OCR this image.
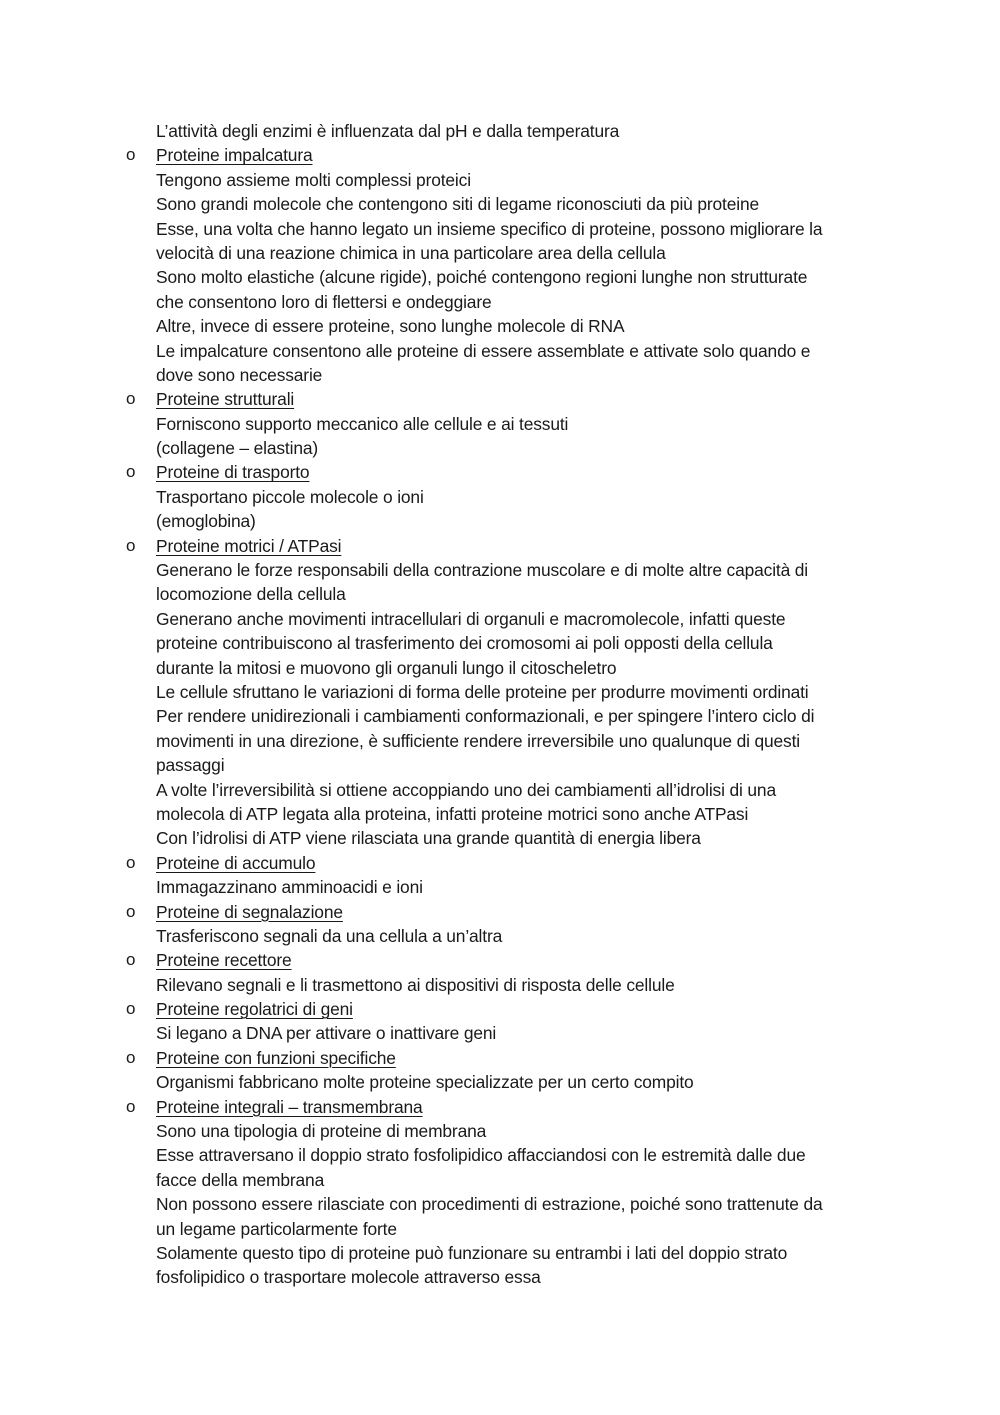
L’attività degli enzimi è influenzata dal pH e dalla temperatura
o Proteine impalcatura
Tengono assieme molti complessi proteici
Sono grandi molecole che contengono siti di legame riconosciuti da più proteine
Esse, una volta che hanno legato un insieme specifico di proteine, possono migliorare la
velocità di una reazione chimica in una particolare area della cellula
Sono molto elastiche (alcune rigide), poiché contengono regioni lunghe non strutturate
che consentono loro di flettersi e ondeggiare
Altre, invece di essere proteine, sono lunghe molecole di RNA
Le impalcature consentono alle proteine di essere assemblate e attivate solo quando e
dove sono necessarie
o Proteine strutturali
Forniscono supporto meccanico alle cellule e ai tessuti
(collagene – elastina)
o Proteine di trasporto
Trasportano piccole molecole o ioni
(emoglobina)
o Proteine motrici / ATPasi
Generano le forze responsabili della contrazione muscolare e di molte altre capacità di
locomozione della cellula
Generano anche movimenti intracellulari di organuli e macromolecole, infatti queste
proteine contribuiscono al trasferimento dei cromosomi ai poli opposti della cellula
durante la mitosi e muovono gli organuli lungo il citoscheletro
Le cellule sfruttano le variazioni di forma delle proteine per produrre movimenti ordinati
Per rendere unidirezionali i cambiamenti conformazionali, e per spingere l’intero ciclo di
movimenti in una direzione, è sufficiente rendere irreversibile uno qualunque di questi
passaggi
A volte l’irreversibilità si ottiene accoppiando uno dei cambiamenti all’idrolisi di una
molecola di ATP legata alla proteina, infatti proteine motrici sono anche ATPasi
Con l’idrolisi di ATP viene rilasciata una grande quantità di energia libera
o Proteine di accumulo
Immagazzinano amminoacidi e ioni
o Proteine di segnalazione
Trasferiscono segnali da una cellula a un’altra
o Proteine recettore
Rilevano segnali e li trasmettono ai dispositivi di risposta delle cellule
o Proteine regolatrici di geni
Si legano a DNA per attivare o inattivare geni
o Proteine con funzioni specifiche
Organismi fabbricano molte proteine specializzate per un certo compito
o Proteine integrali – transmembrana
Sono una tipologia di proteine di membrana
Esse attraversano il doppio strato fosfolipidico affacciandosi con le estremità dalle due
facce della membrana
Non possono essere rilasciate con procedimenti di estrazione, poiché sono trattenute da
un legame particolarmente forte
Solamente questo tipo di proteine può funzionare su entrambi i lati del doppio strato
fosfolipidico o trasportare molecole attraverso essa
